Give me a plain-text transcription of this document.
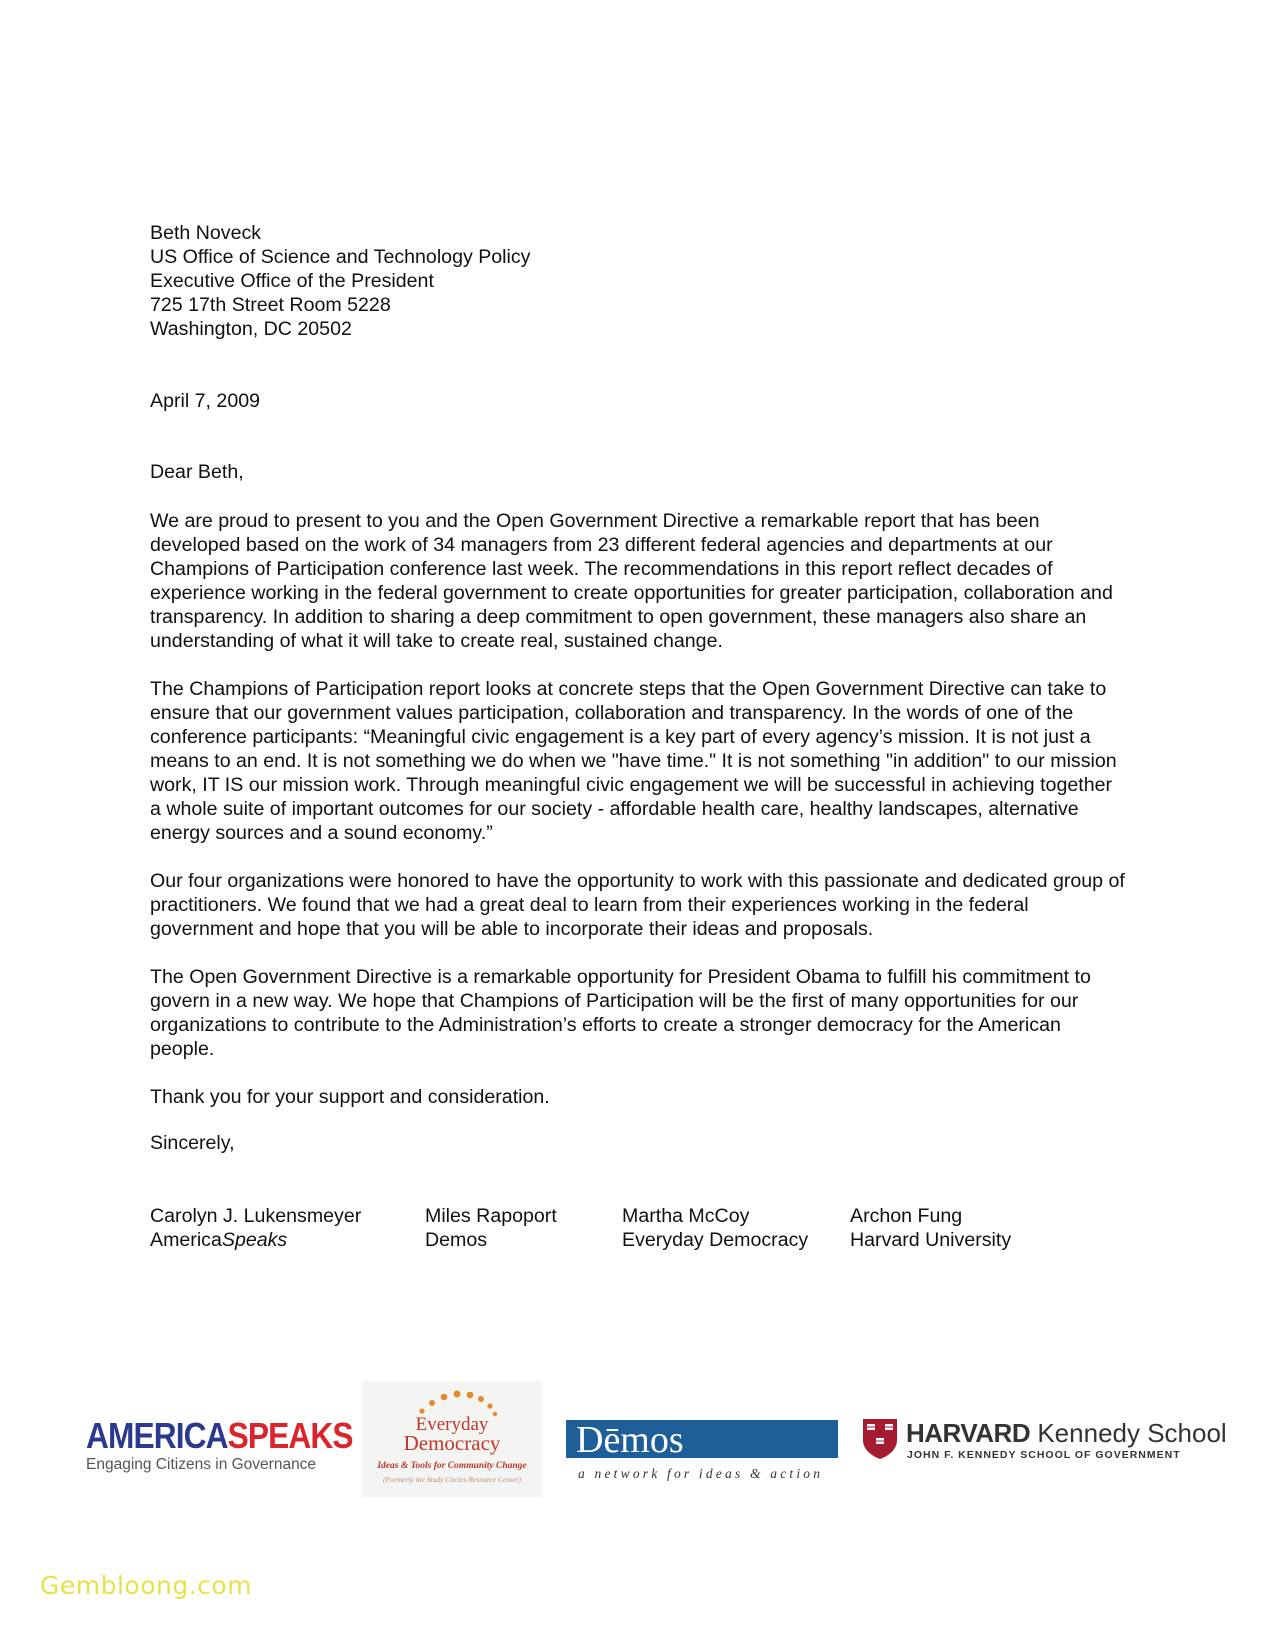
Beth Noveck
US Office of Science and Technology Policy
Executive Office of the President
725 17th Street Room 5228
Washington, DC 20502
April 7, 2009
Dear Beth,
We are proud to present to you and the Open Government Directive a remarkable report that has been developed based on the work of 34 managers from 23 different federal agencies and departments at our Champions of Participation conference last week. The recommendations in this report reflect decades of experience working in the federal government to create opportunities for greater participation, collaboration and transparency. In addition to sharing a deep commitment to open government, these managers also share an understanding of what it will take to create real, sustained change.
The Champions of Participation report looks at concrete steps that the Open Government Directive can take to ensure that our government values participation, collaboration and transparency. In the words of one of the conference participants: “Meaningful civic engagement is a key part of every agency’s mission. It is not just a means to an end. It is not something we do when we "have time." It is not something "in addition" to our mission work, IT IS our mission work. Through meaningful civic engagement we will be successful in achieving together a whole suite of important outcomes for our society - affordable health care, healthy landscapes, alternative energy sources and a sound economy.”
Our four organizations were honored to have the opportunity to work with this passionate and dedicated group of practitioners. We found that we had a great deal to learn from their experiences working in the federal government and hope that you will be able to incorporate their ideas and proposals.
The Open Government Directive is a remarkable opportunity for President Obama to fulfill his commitment to govern in a new way. We hope that Champions of Participation will be the first of many opportunities for our organizations to contribute to the Administration’s efforts to create a stronger democracy for the American people.
Thank you for your support and consideration.
Sincerely,
Carolyn J. Lukensmeyer
AmericaSpeaks
Miles Rapoport
Demos
Martha McCoy
Everyday Democracy
Archon Fung
Harvard University
AMERICASPEAKS
Engaging Citizens in Governance
Everyday
Democracy
Ideas & Tools for Community Change
(Formerly the Study Circles Resource Center)
Dēmos
a network for ideas & action
HARVARD Kennedy School
JOHN F. KENNEDY SCHOOL OF GOVERNMENT
Gembloong.com
